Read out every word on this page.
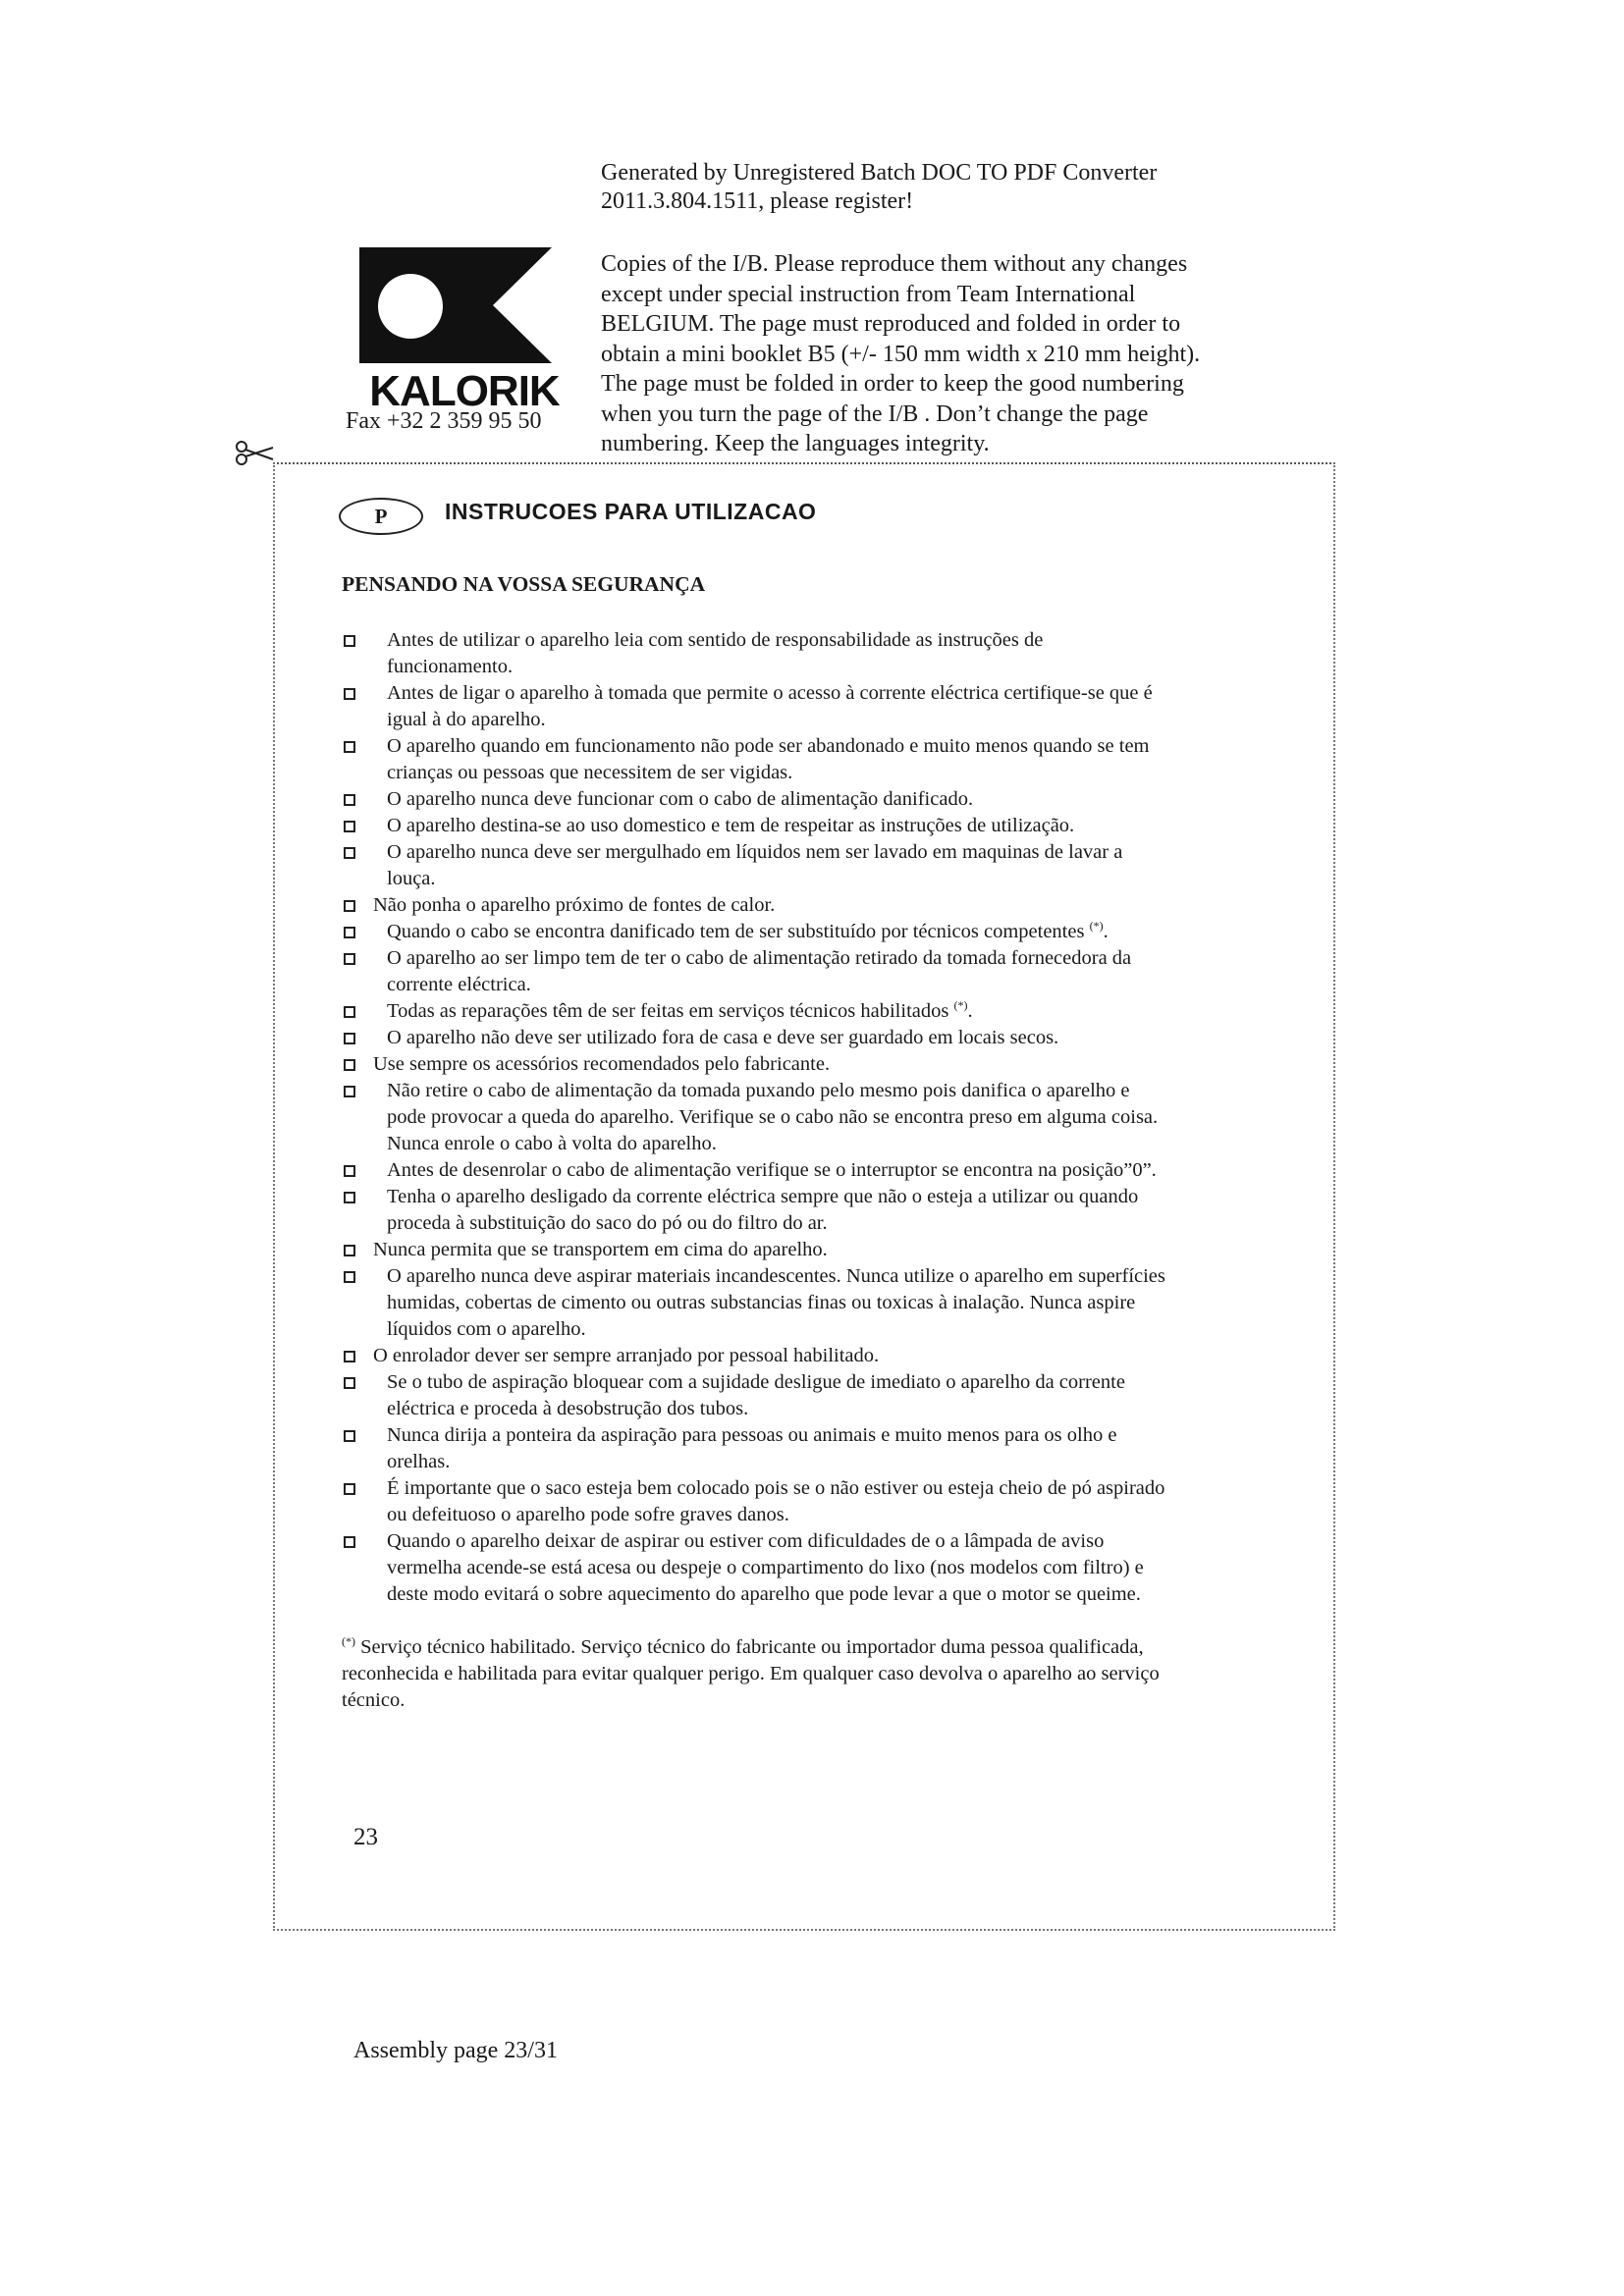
Generated by Unregistered Batch DOC TO PDF Converter
2011.3.804.1511, please register!
KALORIK
Fax +32 2 359 95 50
Copies of the I/B. Please reproduce them without any changes
except under special instruction from Team International
BELGIUM. The page must reproduced and folded in order to
obtain a mini booklet B5 (+/- 150 mm width x 210 mm height).
The page must be folded in order to keep the good numbering
when you turn the page of the I/B . Don’t change the page
numbering. Keep the languages integrity.
P	INSTRUCOES PARA UTILIZACAO
PENSANDO NA VOSSA SEGURANÇA
Antes de utilizar o aparelho leia com sentido de responsabilidade as instruções de
funcionamento.
Antes de ligar o aparelho à tomada que permite o acesso à corrente eléctrica certifique-se que é
igual à do aparelho.
O aparelho quando em funcionamento não pode ser abandonado e muito menos quando se tem
crianças ou pessoas que necessitem de ser vigidas.
O aparelho nunca deve funcionar com o cabo de alimentação danificado.
O aparelho destina-se ao uso domestico e tem de respeitar as instruções de utilização.
O aparelho nunca deve ser mergulhado em líquidos nem ser lavado em maquinas de lavar a
louça.
Não ponha o aparelho próximo de fontes de calor.
Quando o cabo se encontra danificado tem de ser substituído por técnicos competentes (*).
O aparelho ao ser limpo tem de ter o cabo de alimentação retirado da tomada fornecedora da
corrente eléctrica.
Todas as reparações têm de ser feitas em serviços técnicos habilitados (*).
O aparelho não deve ser utilizado fora de casa e deve ser guardado em locais secos.
Use sempre os acessórios recomendados pelo fabricante.
Não retire o cabo de alimentação da tomada puxando pelo mesmo pois danifica o aparelho e
pode provocar a queda do aparelho. Verifique se o cabo não se encontra preso em alguma coisa.
Nunca enrole o cabo à volta do aparelho.
Antes de desenrolar o cabo de alimentação verifique se o interruptor se encontra na posição”0”.
Tenha o aparelho desligado da corrente eléctrica sempre que não o esteja a utilizar ou quando
proceda à substituição do saco do pó ou do filtro do ar.
Nunca permita que se transportem em cima do aparelho.
O aparelho nunca deve aspirar materiais incandescentes. Nunca utilize o aparelho em superfícies
humidas, cobertas de cimento ou outras substancias finas ou toxicas à inalação. Nunca aspire
líquidos com o aparelho.
O enrolador dever ser sempre arranjado por pessoal habilitado.
Se o tubo de aspiração bloquear com a sujidade desligue de imediato o aparelho da corrente
eléctrica e proceda à desobstrução dos tubos.
Nunca dirija a ponteira da aspiração para pessoas ou animais e muito menos para os olho e
orelhas.
É importante que o saco esteja bem colocado pois se o não estiver ou esteja cheio de pó aspirado
ou defeituoso o aparelho pode sofre graves danos.
Quando o aparelho deixar de aspirar ou estiver com dificuldades de o a lâmpada de aviso
vermelha acende-se está acesa ou despeje o compartimento do lixo (nos modelos com filtro) e
deste modo evitará o sobre aquecimento do aparelho que pode levar a que o motor se queime.
(*) Serviço técnico habilitado. Serviço técnico do fabricante ou importador duma pessoa qualificada,
reconhecida e habilitada para evitar qualquer perigo. Em qualquer caso devolva o aparelho ao serviço
técnico.
23
Assembly page 23/31
